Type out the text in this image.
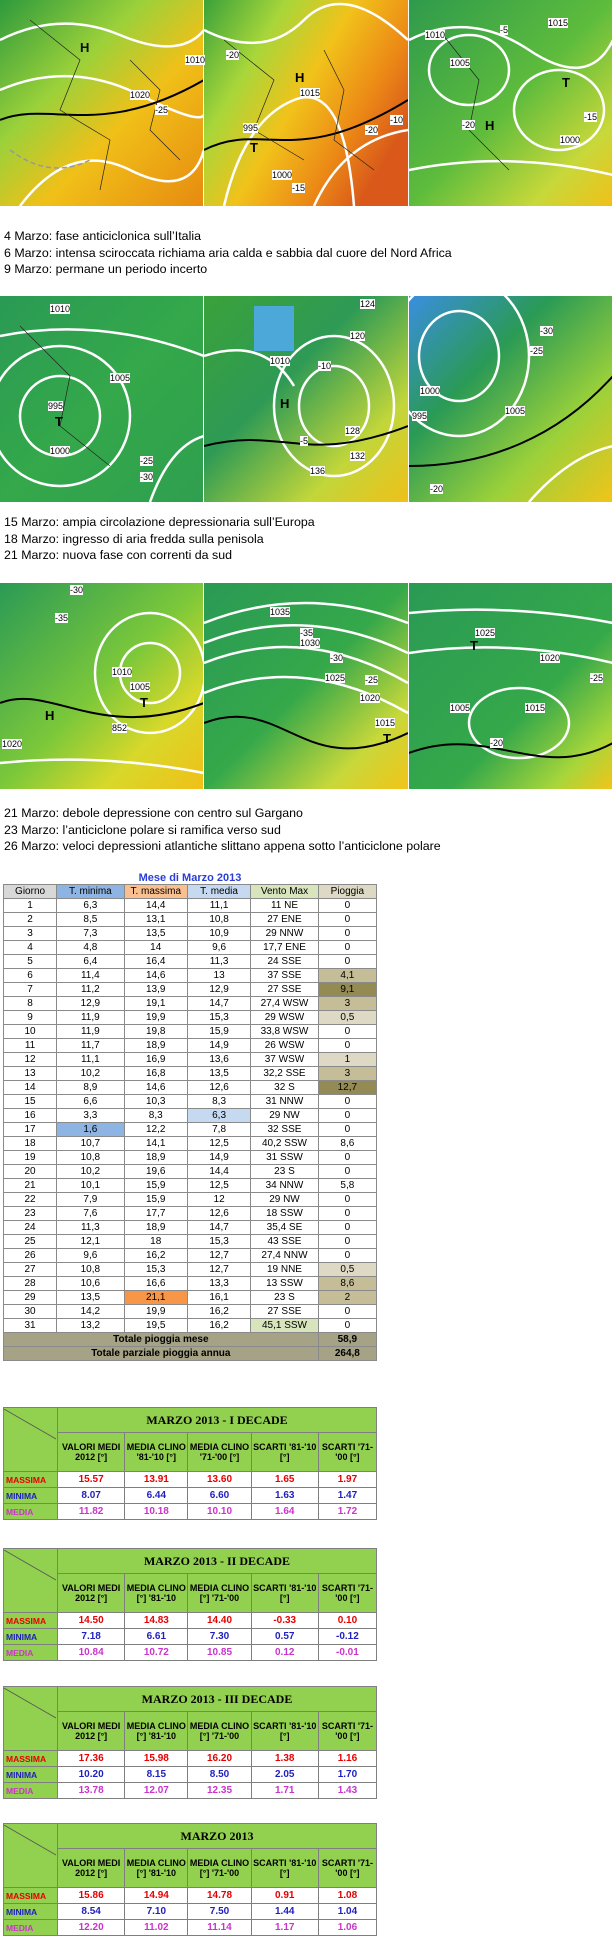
H
1010
1020
-20
-25
1015
995
1000
-15
-20
-10
H
T
1010
1005
1015
-20
-15
-5
H
T
1000
4 Marzo: fase anticiclonica sull’Italia
6 Marzo: intensa sciroccata richiama aria calda e sabbia dal cuore del Nord Africa
9 Marzo: permane un periodo incerto
1010
1005
995
1000
T
-25
-30
1010
120
124
128
132
136
-10
-5
H
1000
1005
995
-25
-20
-30
15 Marzo: ampia circolazione depressionaria sull’Europa
18 Marzo: ingresso di aria fredda sulla penisola
21 Marzo: nuova fase con correnti da sud
-30
-35
1010
1005
1020
H
T
852
1035
1030
1025
1020
1015
-35
-30
-25
T
1025
1020
1015
1005
-25
-20
T
21 Marzo: debole depressione con centro sul Gargano
23 Marzo: l’anticiclone polare si ramifica verso sud
26 Marzo: veloci depressioni atlantiche slittano appena sotto l’anticiclone polare
Mese di Marzo 2013					
Giorno	T. minima	T. massima	T. media	Vento Max	Pioggia
1	6,3	14,4	11,1	11 NE	0
2	8,5	13,1	10,8	27 ENE	0
3	7,3	13,5	10,9	29 NNW	0
4	4,8	14	9,6	17,7 ENE	0
5	6,4	16,4	11,3	24 SSE	0
6	11,4	14,6	13	37 SSE	4,1
7	11,2	13,9	12,9	27 SSE	9,1
8	12,9	19,1	14,7	27,4 WSW	3
9	11,9	19,9	15,3	29 WSW	0,5
10	11,9	19,8	15,9	33,8 WSW	0
11	11,7	18,9	14,9	26 WSW	0
12	11,1	16,9	13,6	37 WSW	1
13	10,2	16,8	13,5	32,2 SSE	3
14	8,9	14,6	12,6	32 S	12,7
15	6,6	10,3	8,3	31 NNW	0
16	3,3	8,3	6,3	29 NW	0
17	1,6	12,2	7,8	32 SSE	0
18	10,7	14,1	12,5	40,2 SSW	8,6
19	10,8	18,9	14,9	31 SSW	0
20	10,2	19,6	14,4	23 S	0
21	10,1	15,9	12,5	34 NNW	5,8
22	7,9	15,9	12	29 NW	0
23	7,6	17,7	12,6	18 SSW	0
24	11,3	18,9	14,7	35,4 SE	0
25	12,1	18	15,3	43 SSE	0
26	9,6	16,2	12,7	27,4 NNW	0
27	10,8	15,3	12,7	19 NNE	0,5
28	10,6	16,6	13,3	13 SSW	8,6
29	13,5	21,1	16,1	23 S	2
30	14,2	19,9	16,2	27 SSE	0
31	13,2	19,5	16,2	45,1 SSW	0
Totale pioggia mese					58,9
Totale parziale pioggia annua					264,8
	MARZO 2013 - I DECADE				
	VALORI MEDI 2012 [°]	MEDIA CLINO '81-'10 [°]	MEDIA CLINO '71-'00 [°]	SCARTI '81-'10 [°]	SCARTI '71-'00 [°]
MASSIMA	15.57	13.91	13.60	1.65	1.97
MINIMA	8.07	6.44	6.60	1.63	1.47
MEDIA	11.82	10.18	10.10	1.64	1.72
	MARZO 2013 - II DECADE				
	VALORI MEDI 2012 [°]	MEDIA CLINO [°] '81-'10	MEDIA CLINO [°] '71-'00	SCARTI '81-'10 [°]	SCARTI '71-'00 [°]
MASSIMA	14.50	14.83	14.40	-0.33	0.10
MINIMA	7.18	6.61	7.30	0.57	-0.12
MEDIA	10.84	10.72	10.85	0.12	-0.01
	MARZO 2013 - III DECADE				
	VALORI MEDI 2012 [°]	MEDIA CLINO [°] '81-'10	MEDIA CLINO [°] '71-'00	SCARTI '81-'10 [°]	SCARTI '71-'00 [°]
MASSIMA	17.36	15.98	16.20	1.38	1.16
MINIMA	10.20	8.15	8.50	2.05	1.70
MEDIA	13.78	12.07	12.35	1.71	1.43
	MARZO 2013				
	VALORI MEDI 2012 [°]	MEDIA CLINO [°] '81-'10	MEDIA CLINO [°] '71-'00	SCARTI '81-'10 [°]	SCARTI '71-'00 [°]
MASSIMA	15.86	14.94	14.78	0.91	1.08
MINIMA	8.54	7.10	7.50	1.44	1.04
MEDIA	12.20	11.02	11.14	1.17	1.06
